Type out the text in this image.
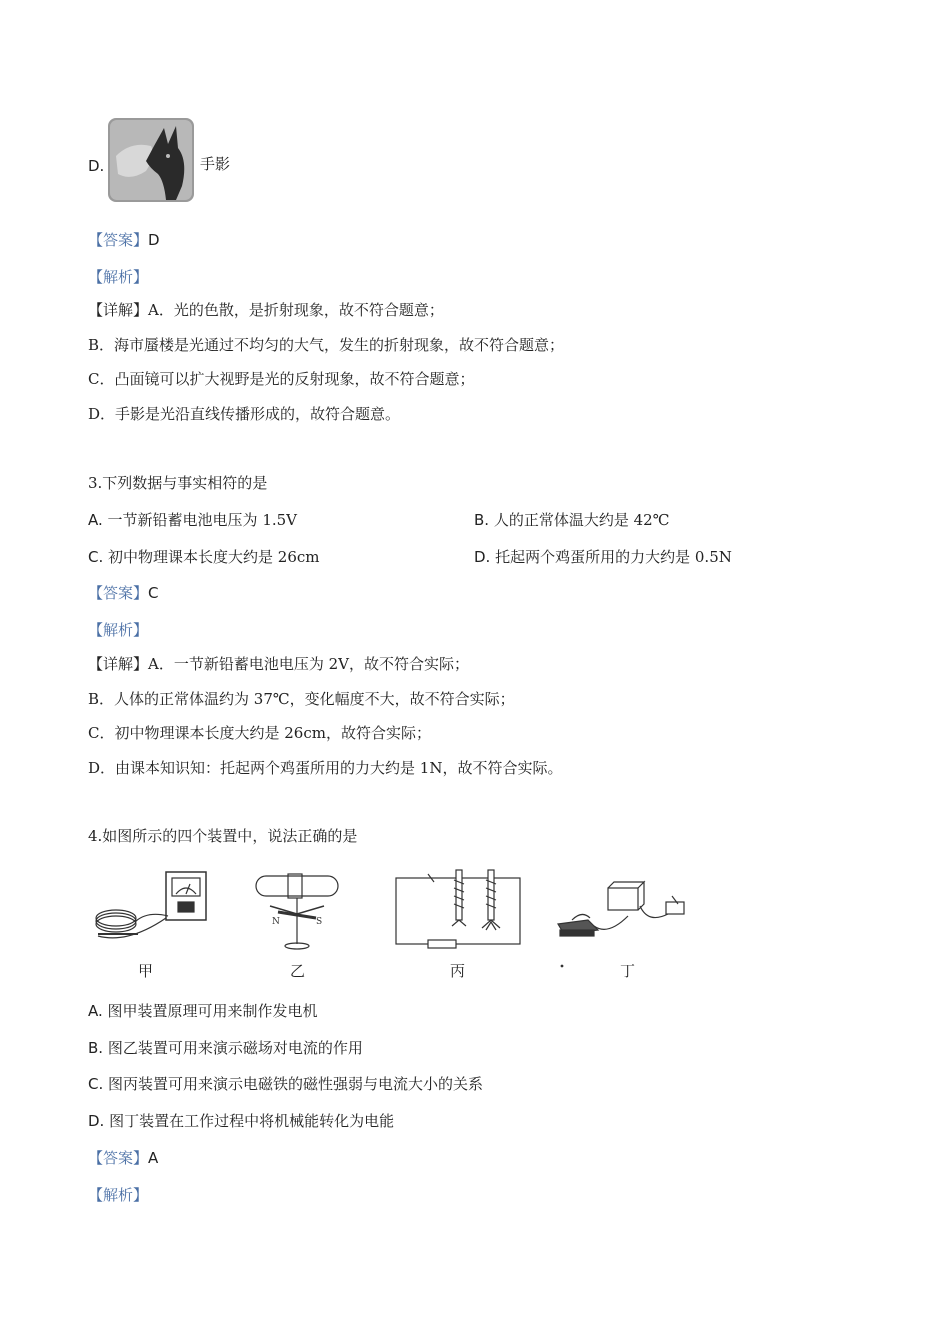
D.	手影
【答案】D
【解析】
【详解】A．光的色散，是折射现象，故不符合题意；
B．海市蜃楼是光通过不均匀的大气，发生的折射现象，故不符合题意；
C．凸面镜可以扩大视野是光的反射现象，故不符合题意；
D．手影是光沿直线传播形成的，故符合题意。
3.下列数据与事实相符的是
A. 一节新铅蓄电池电压为 1.5V	B. 人的正常体温大约是 42℃
C. 初中物理课本长度大约是 26cm	D. 托起两个鸡蛋所用的力大约是 0.5N
【答案】C
【解析】
【详解】A．一节新铅蓄电池电压为 2V，故不符合实际；
B．人体的正常体温约为 37℃，变化幅度不大，故不符合实际；
C．初中物理课本长度大约是 26cm，故符合实际；
D．由课本知识知：托起两个鸡蛋所用的力大约是 1N，故不符合实际。
4.如图所示的四个装置中，说法正确的是
N	S
甲	乙	丙	丁
A. 图甲装置原理可用来制作发电机
B. 图乙装置可用来演示磁场对电流的作用
C. 图丙装置可用来演示电磁铁的磁性强弱与电流大小的关系
D. 图丁装置在工作过程中将机械能转化为电能
【答案】A
【解析】
